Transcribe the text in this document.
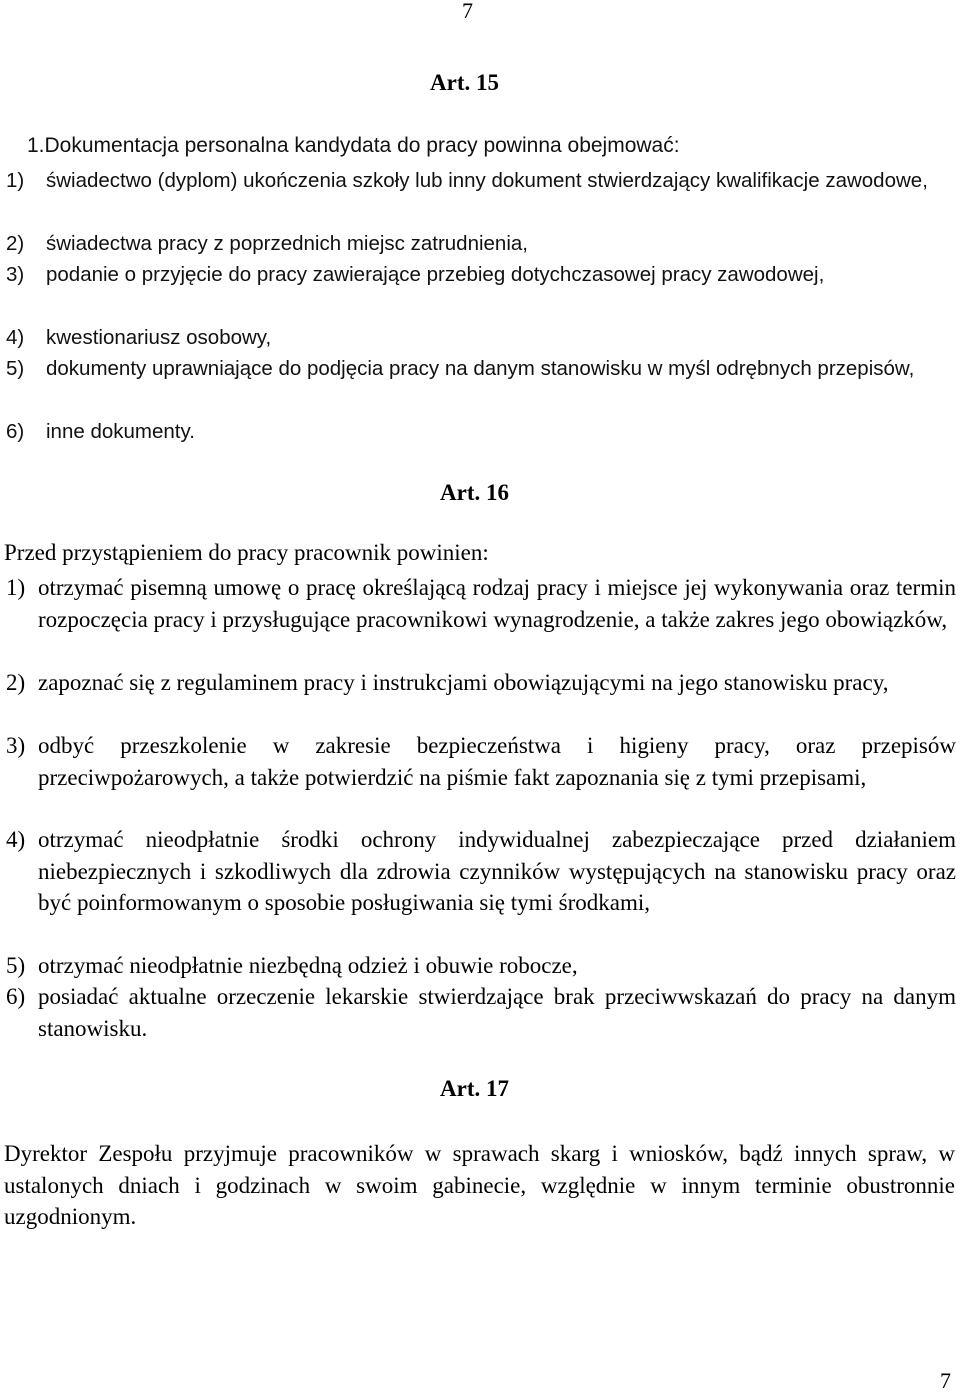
7
Art. 15
1.Dokumentacja personalna kandydata do pracy powinna obejmować:
1) świadectwo (dyplom) ukończenia szkoły lub inny dokument stwierdzający kwalifikacje zawodowe,
2) świadectwa pracy z poprzednich miejsc zatrudnienia,
3) podanie o przyjęcie do pracy zawierające przebieg dotychczasowej pracy zawodowej,
4) kwestionariusz osobowy,
5) dokumenty uprawniające do podjęcia pracy na danym stanowisku w myśl odrębnych przepisów,
6) inne dokumenty.
Art. 16
Przed przystąpieniem do pracy pracownik powinien:
1) otrzymać pisemną umowę o pracę określającą rodzaj pracy i miejsce jej wykonywania oraz termin rozpoczęcia pracy i przysługujące pracownikowi wynagrodzenie, a także zakres jego obowiązków,
2) zapoznać się z regulaminem pracy i instrukcjami obowiązującymi na jego stanowisku pracy,
3) odbyć przeszkolenie w zakresie bezpieczeństwa i higieny pracy, oraz przepisów przeciwpożarowych, a także potwierdzić na piśmie fakt zapoznania się z tymi przepisami,
4) otrzymać nieodpłatnie środki ochrony indywidualnej zabezpieczające przed działaniem niebezpiecznych i szkodliwych dla zdrowia czynników występujących na stanowisku pracy oraz być poinformowanym o sposobie posługiwania się tymi środkami,
5) otrzymać nieodpłatnie niezbędną odzież i obuwie robocze,
6) posiadać aktualne orzeczenie lekarskie stwierdzające brak przeciwwskazań do pracy na danym stanowisku.
Art. 17
Dyrektor Zespołu przyjmuje pracowników w sprawach skarg i wniosków, bądź innych spraw, w ustalonych dniach i godzinach w swoim gabinecie, względnie w innym terminie obustronnie uzgodnionym.
7
